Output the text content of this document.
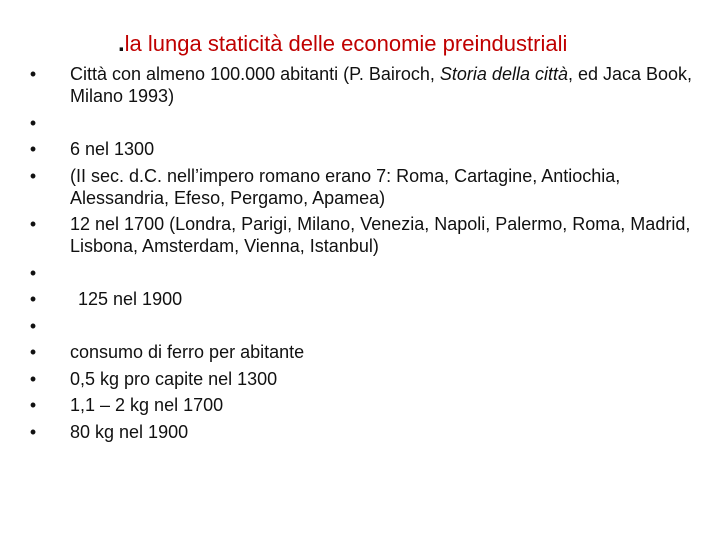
.la lunga staticità delle economie preindustriali
• Città con almeno 100.000 abitanti (P. Bairoch, Storia della città, ed Jaca Book, Milano 1993)
•
• 6 nel 1300
• (II sec. d.C. nell’impero romano erano 7: Roma, Cartagine, Antiochia, Alessandria, Efeso, Pergamo, Apamea)
• 12 nel 1700 (Londra, Parigi, Milano, Venezia, Napoli, Palermo, Roma, Madrid, Lisbona, Amsterdam, Vienna, Istanbul)
•
•	125 nel 1900
•
• consumo di ferro per abitante
• 0,5 kg pro capite nel 1300
• 1,1 – 2 kg nel 1700
• 80 kg nel 1900
